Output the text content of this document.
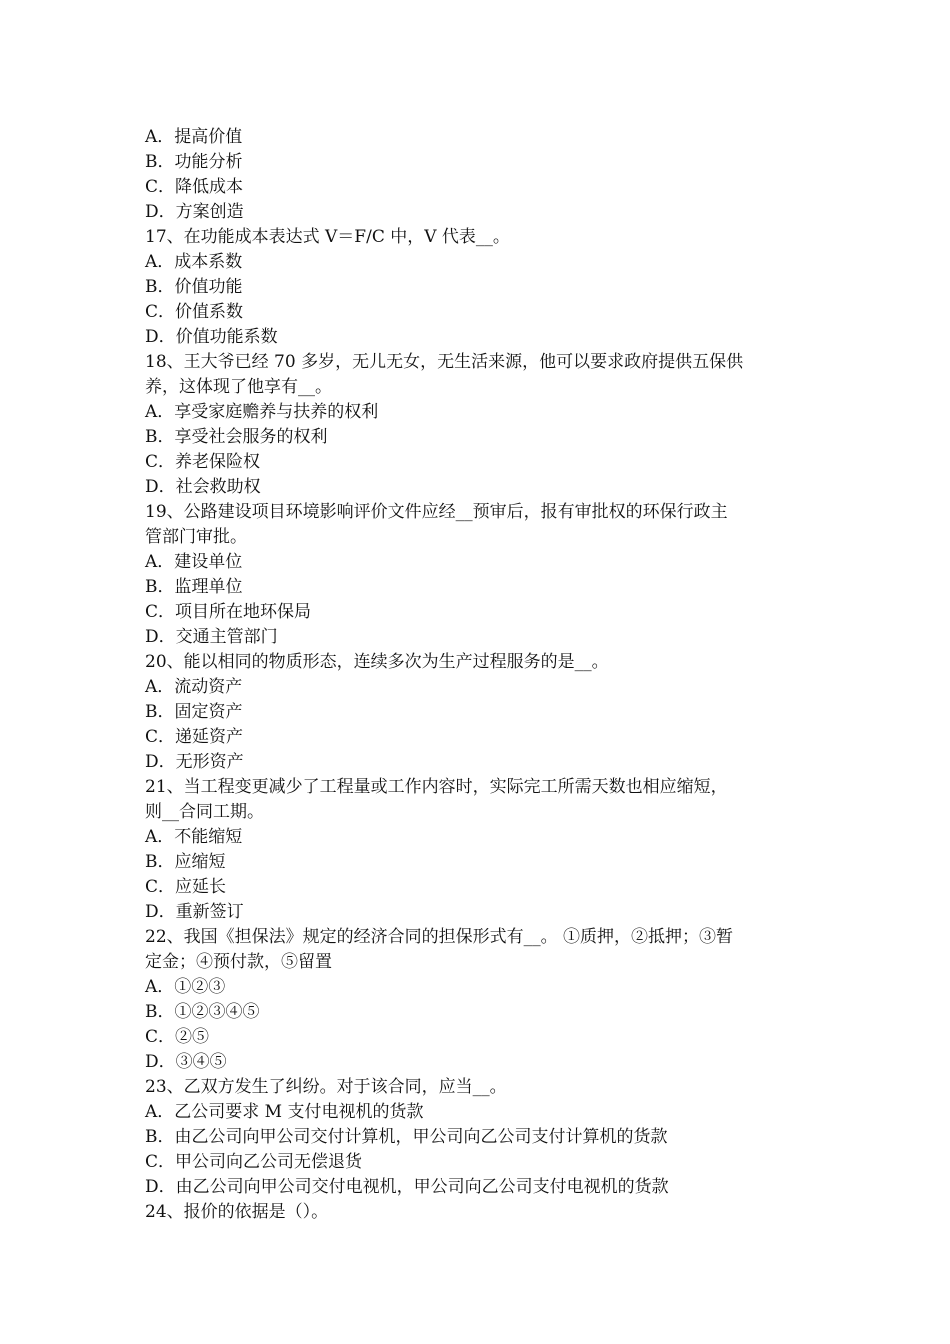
A．提高价值
B．功能分析
C．降低成本
D．方案创造
17、在功能成本表达式 V＝F/C 中，V 代表__。
A．成本系数
B．价值功能
C．价值系数
D．价值功能系数
18、王大爷已经 70 多岁，无儿无女，无生活来源，他可以要求政府提供五保供
养，这体现了他享有__。
A．享受家庭赡养与扶养的权利
B．享受社会服务的权利
C．养老保险权
D．社会救助权
19、公路建设项目环境影响评价文件应经__预审后，报有审批权的环保行政主
管部门审批。
A．建设单位
B．监理单位
C．项目所在地环保局
D．交通主管部门
20、能以相同的物质形态，连续多次为生产过程服务的是__。
A．流动资产
B．固定资产
C．递延资产
D．无形资产
21、当工程变更减少了工程量或工作内容时，实际完工所需天数也相应缩短，
则__合同工期。
A．不能缩短
B．应缩短
C．应延长
D．重新签订
22、我国《担保法》规定的经济合同的担保形式有__。 ①质押，②抵押；③暂
定金；④预付款，⑤留置
A．①②③
B．①②③④⑤
C．②⑤
D．③④⑤
23、乙双方发生了纠纷。对于该合同，应当__。
A．乙公司要求 M 支付电视机的货款
B．由乙公司向甲公司交付计算机，甲公司向乙公司支付计算机的货款
C．甲公司向乙公司无偿退货
D．由乙公司向甲公司交付电视机，甲公司向乙公司支付电视机的货款
24、报价的依据是（）。
